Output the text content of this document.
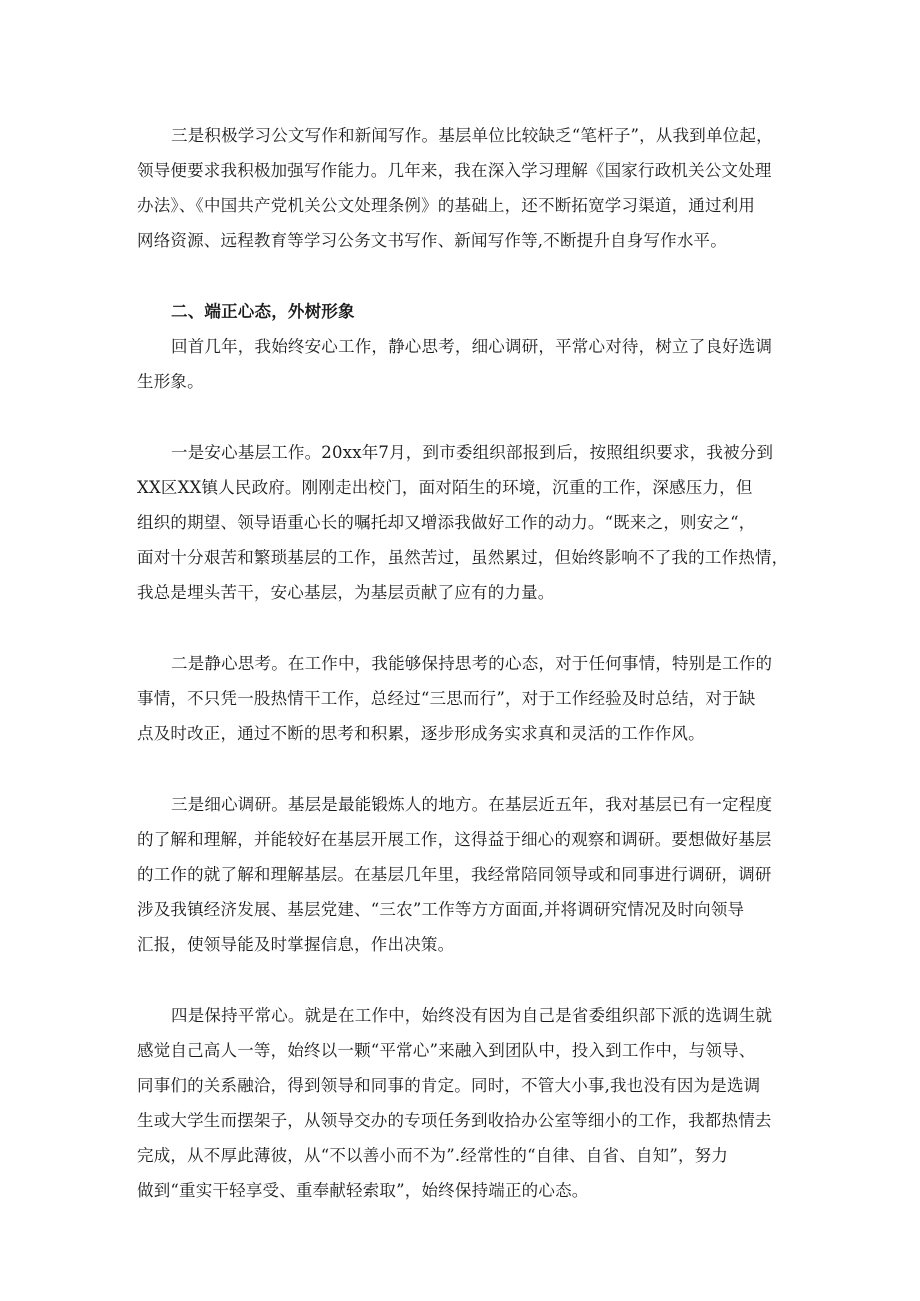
三是积极学习公文写作和新闻写作。基层单位比较缺乏“笔杆子”，从我到单位起，
领导便要求我积极加强写作能力。几年来，我在深入学习理解《国家行政机关公文处理
办法》、《中国共产党机关公文处理条例》的基础上，还不断拓宽学习渠道，通过利用
网络资源、远程教育等学习公务文书写作、新闻写作等,不断提升自身写作水平。

二、端正心态，外树形象

回首几年，我始终安心工作，静心思考，细心调研，平常心对待，树立了良好选调
生形象。

一是安心基层工作。20xx年7月，到市委组织部报到后，按照组织要求，我被分到
XX区XX镇人民政府。刚刚走出校门，面对陌生的环境，沉重的工作，深感压力，但
组织的期望、领导语重心长的嘱托却又增添我做好工作的动力。“既来之，则安之“，
面对十分艰苦和繁琐基层的工作，虽然苦过，虽然累过，但始终影响不了我的工作热情，
我总是埋头苦干，安心基层，为基层贡献了应有的力量。

二是静心思考。在工作中，我能够保持思考的心态，对于任何事情，特别是工作的
事情，不只凭一股热情干工作，总经过“三思而行”，对于工作经验及时总结，对于缺
点及时改正，通过不断的思考和积累，逐步形成务实求真和灵活的工作作风。

三是细心调研。基层是最能锻炼人的地方。在基层近五年，我对基层已有一定程度
的了解和理解，并能较好在基层开展工作，这得益于细心的观察和调研。要想做好基层
的工作的就了解和理解基层。在基层几年里，我经常陪同领导或和同事进行调研，调研
涉及我镇经济发展、基层党建、“三农”工作等方方面面,并将调研究情况及时向领导
汇报，使领导能及时掌握信息，作出决策。

四是保持平常心。就是在工作中，始终没有因为自己是省委组织部下派的选调生就
感觉自己高人一等，始终以一颗“平常心”来融入到团队中，投入到工作中，与领导、
同事们的关系融洽，得到领导和同事的肯定。同时，不管大小事,我也没有因为是选调
生或大学生而摆架子，从领导交办的专项任务到收拾办公室等细小的工作，我都热情去
完成，从不厚此薄彼，从“不以善小而不为”.经常性的“自律、自省、自知”，努力
做到“重实干轻享受、重奉献轻索取”，始终保持端正的心态。
